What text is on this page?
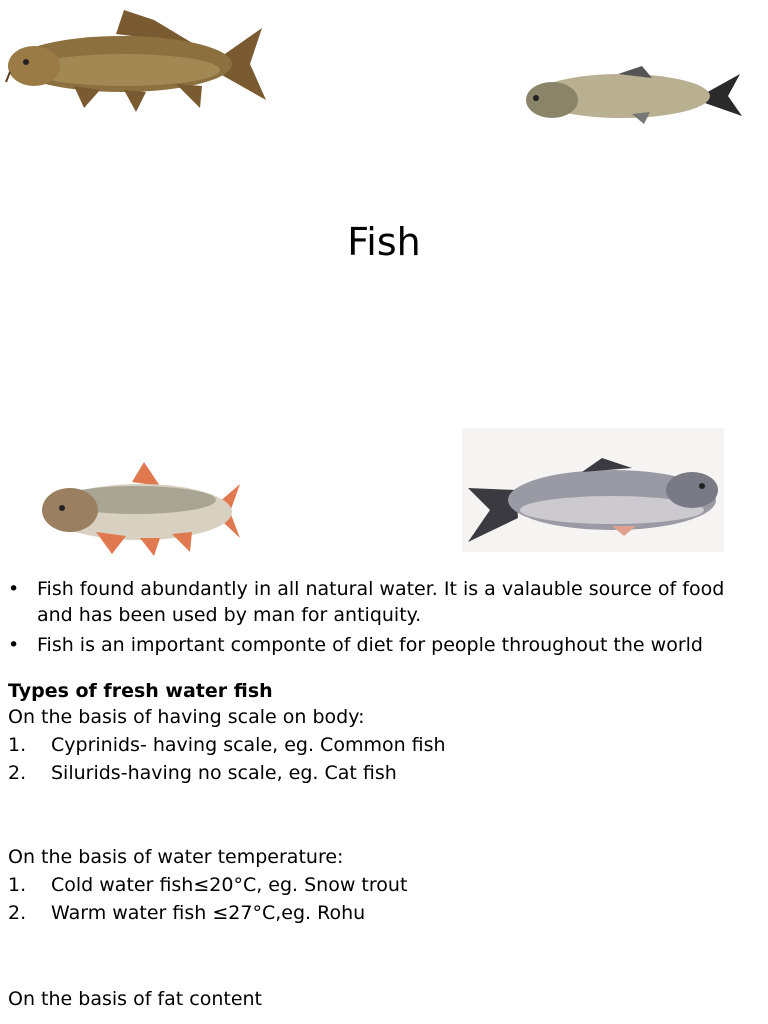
Fish
• Fish found abundantly in all natural water. It is a valauble source of food and has been used by man for antiquity.
• Fish is an important componte of diet for people throughout the world
Types of fresh water fish
On the basis of having scale on body:
1. Cyprinids- having scale, eg. Common fish
2. Silurids-having no scale, eg. Cat fish
On the basis of water temperature:
1. Cold water fish≤20°C, eg. Snow trout
2. Warm water fish ≤27°C,eg. Rohu
On the basis of fat content
